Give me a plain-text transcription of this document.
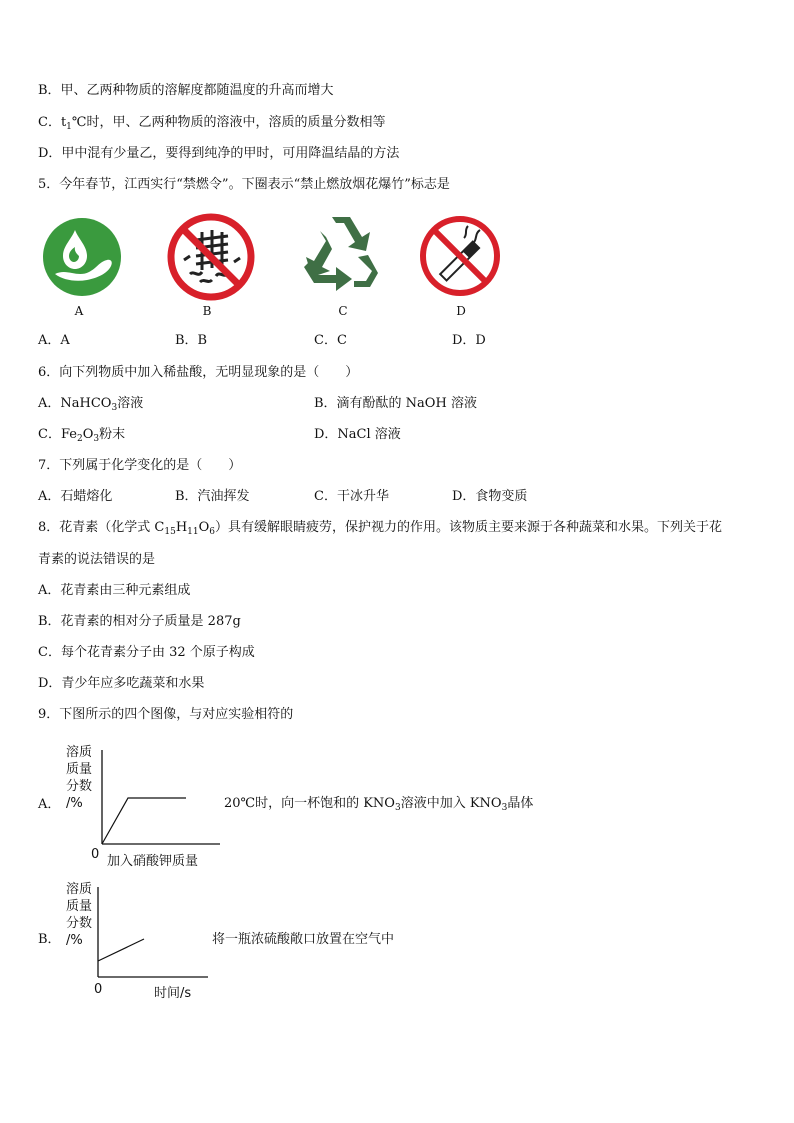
B．甲、乙两种物质的溶解度都随温度的升高而增大
C．$t_1℃$时，甲、乙两种物质的溶液中，溶质的质量分数相等
D．甲中混有少量乙，要得到纯净的甲时，可用降温结晶的方法
5．今年春节，江西实行“禁燃令”。下圈表示“禁止燃放烟花爆竹”标志是
A	B	C	D
A．A	B．B	C．C	D．D
6．向下列物质中加入稀盐酸，无明显现象的是（　　）
A．NaHCO$_3$溶液	B．滴有酚酞的 NaOH 溶液
C．$Fe_2O_3$粉末	D．NaCl 溶液
7．下列属于化学变化的是（　　）
A．石蜡熔化	B．汽油挥发	C．干冰升华	D．食物变质
8．花青素（化学式 $C_{15}H_{11}O_6$）具有缓解眼睛疲劳，保护视力的作用。该物质主要来源于各种蔬菜和水果。下列关于花
青素的说法错误的是
A．花青素由三种元素组成
B．花青素的相对分子质量是 287g
C．每个花青素分子由 32 个原子构成
D．青少年应多吃蔬菜和水果
9．下图所示的四个图像，与对应实验相符的
A．
溶质
质量
分数
/%
0 加入硝酸钾质量
20℃时，向一杯饱和的 $KNO_3$溶液中加入 $KNO_3$晶体
B．
溶质
质量
分数
/%
0	时间/s
将一瓶浓硫酸敞口放置在空气中
